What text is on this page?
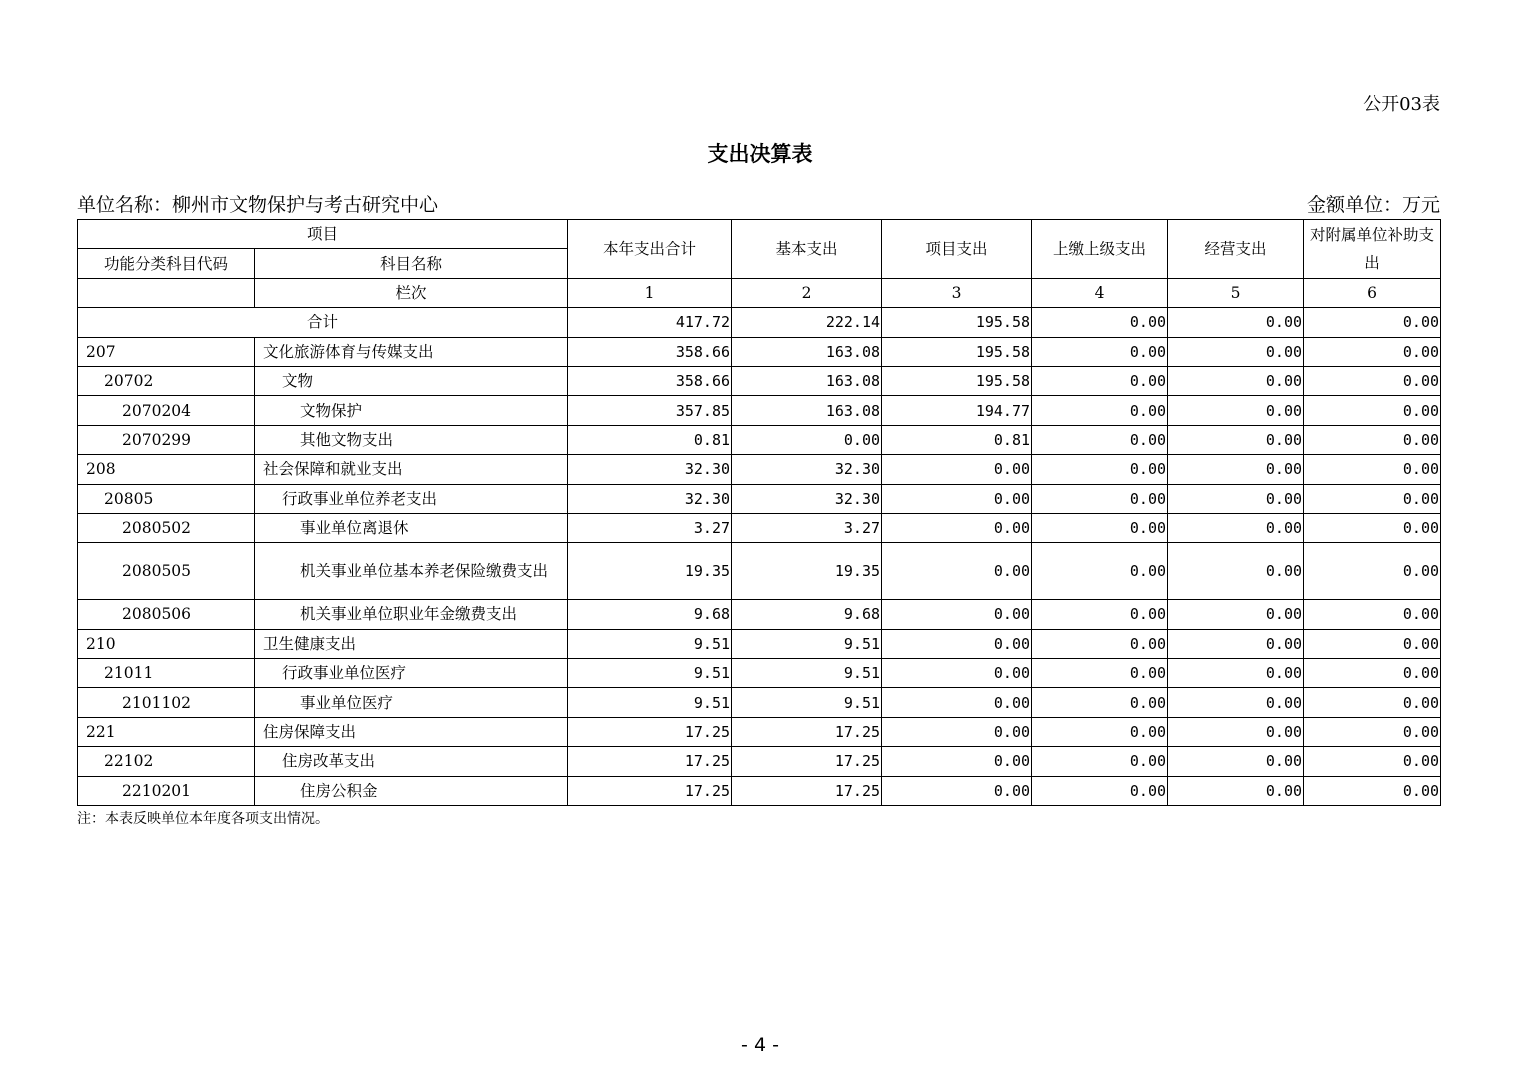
公开03表
支出决算表
单位名称：柳州市文物保护与考古研究中心	金额单位：万元
项目		本年支出合计	基本支出	项目支出	上缴上级支出	经营支出	对附属单位补助支出
功能分类科目代码	科目名称						
	栏次	1	2	3	4	5	6
合计		417.72	222.14	195.58	0.00	0.00	0.00
207	文化旅游体育与传媒支出	358.66	163.08	195.58	0.00	0.00	0.00
20702	文物	358.66	163.08	195.58	0.00	0.00	0.00
2070204	文物保护	357.85	163.08	194.77	0.00	0.00	0.00
2070299	其他文物支出	0.81	0.00	0.81	0.00	0.00	0.00
208	社会保障和就业支出	32.30	32.30	0.00	0.00	0.00	0.00
20805	行政事业单位养老支出	32.30	32.30	0.00	0.00	0.00	0.00
2080502	事业单位离退休	3.27	3.27	0.00	0.00	0.00	0.00
2080505	机关事业单位基本养老保险缴费支出	19.35	19.35	0.00	0.00	0.00	0.00
2080506	机关事业单位职业年金缴费支出	9.68	9.68	0.00	0.00	0.00	0.00
210	卫生健康支出	9.51	9.51	0.00	0.00	0.00	0.00
21011	行政事业单位医疗	9.51	9.51	0.00	0.00	0.00	0.00
2101102	事业单位医疗	9.51	9.51	0.00	0.00	0.00	0.00
221	住房保障支出	17.25	17.25	0.00	0.00	0.00	0.00
22102	住房改革支出	17.25	17.25	0.00	0.00	0.00	0.00
2210201	住房公积金	17.25	17.25	0.00	0.00	0.00	0.00
注：本表反映单位本年度各项支出情况。
- 4 -
